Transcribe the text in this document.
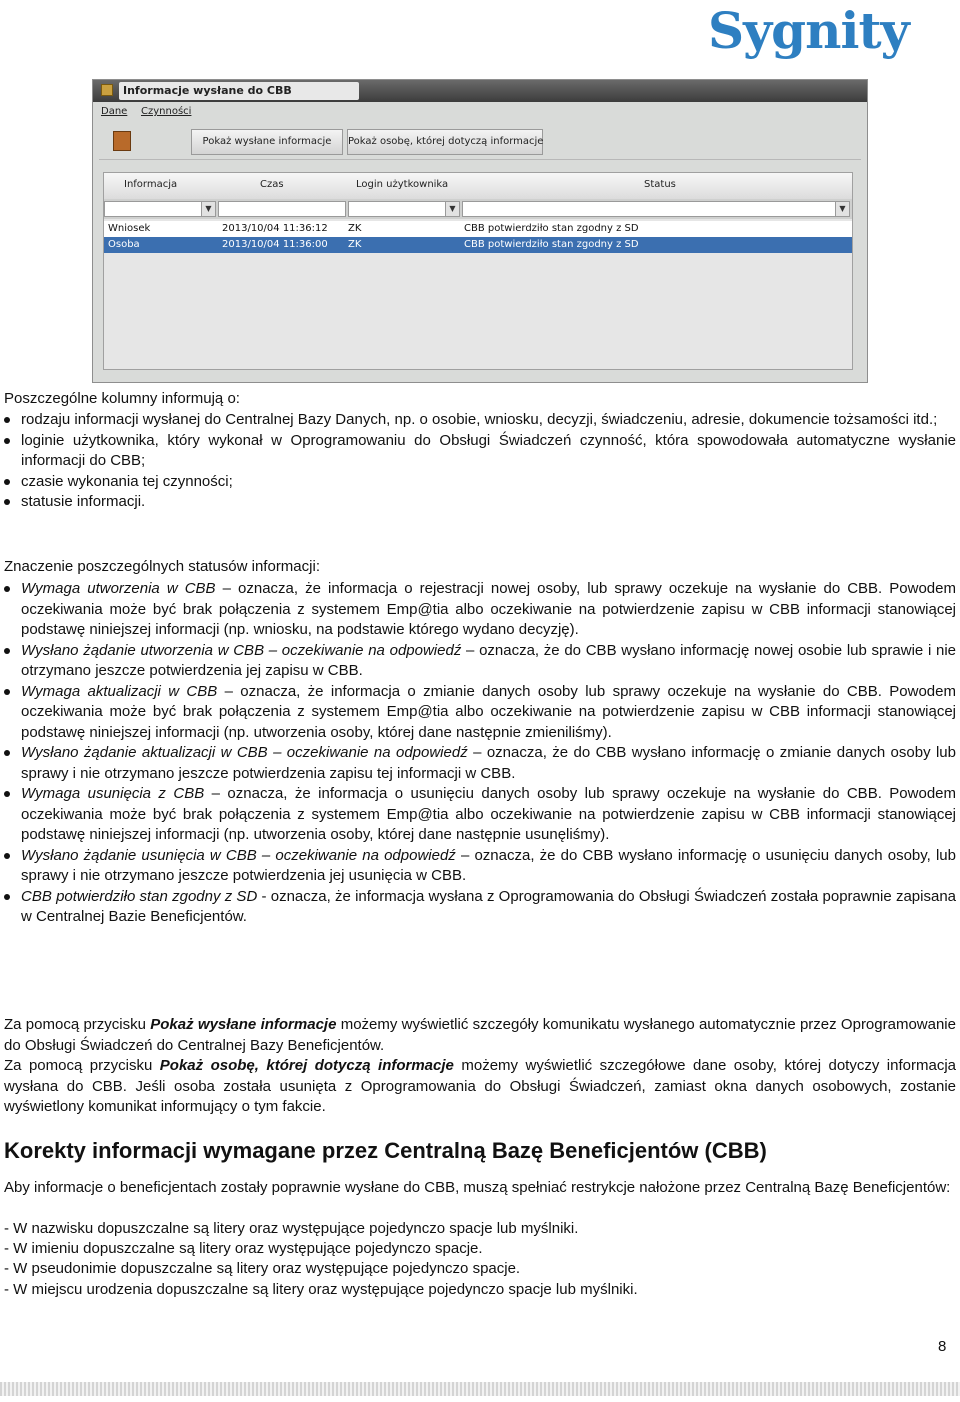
Sygnity
Informacje wysłane do CBB
Dane Czynności
Pokaż wysłane informacje	Pokaż osobę, której dotyczą informacje
Informacja	Czas	Login użytkownika	Status
▼	▼	▼
Wniosek	2013/10/04 11:36:12 ZK	CBB potwierdziło stan zgodny z SD
Osoba	2013/10/04 11:36:00 ZK	CBB potwierdziło stan zgodny z SD

Poszczególne kolumny informują o:

rodzaju informacji wysłanej do Centralnej Bazy Danych, np. o osobie, wniosku, decyzji, świadczeniu, adresie, dokumencie tożsamości itd.;
loginie użytkownika, który wykonał w Oprogramowaniu do Obsługi Świadczeń czynność, która spowodowała automatyczne wysłanie informacji do CBB;
czasie wykonania tej czynności;
statusie informacji.

Znaczenie poszczególnych statusów informacji:

Wymaga utworzenia w CBB – oznacza, że informacja o rejestracji nowej osoby, lub sprawy oczekuje na wysłanie do CBB. Powodem oczekiwania może być brak połączenia z systemem Emp@tia albo oczekiwanie na potwierdzenie zapisu w CBB informacji stanowiącej podstawę niniejszej informacji (np. wniosku, na podstawie którego wydano decyzję).
Wysłano żądanie utworzenia w CBB – oczekiwanie na odpowiedź – oznacza, że do CBB wysłano informację nowej osobie lub sprawie i nie otrzymano jeszcze potwierdzenia jej zapisu w CBB.
Wymaga aktualizacji w CBB – oznacza, że informacja o zmianie danych osoby lub sprawy oczekuje na wysłanie do CBB. Powodem oczekiwania może być brak połączenia z systemem Emp@tia albo oczekiwanie na potwierdzenie zapisu w CBB informacji stanowiącej podstawę niniejszej informacji (np. utworzenia osoby, której dane następnie zmieniliśmy).
Wysłano żądanie aktualizacji w CBB – oczekiwanie na odpowiedź – oznacza, że do CBB wysłano informację o zmianie danych osoby lub sprawy i nie otrzymano jeszcze potwierdzenia zapisu tej informacji w CBB.
Wymaga usunięcia z CBB – oznacza, że informacja o usunięciu danych osoby lub sprawy oczekuje na wysłanie do CBB. Powodem oczekiwania może być brak połączenia z systemem Emp@tia albo oczekiwanie na potwierdzenie zapisu w CBB informacji stanowiącej podstawę niniejszej informacji (np. utworzenia osoby, której dane następnie usunęliśmy).
Wysłano żądanie usunięcia w CBB – oczekiwanie na odpowiedź – oznacza, że do CBB wysłano informację o usunięciu danych osoby, lub sprawy i nie otrzymano jeszcze potwierdzenia jej usunięcia w CBB.
CBB potwierdziło stan zgodny z SD - oznacza, że informacja wysłana z Oprogramowania do Obsługi Świadczeń została poprawnie zapisana w Centralnej Bazie Beneficjentów.

Za pomocą przycisku Pokaż wysłane informacje możemy wyświetlić szczegóły komunikatu wysłanego automatycznie przez Oprogramowanie do Obsługi Świadczeń do Centralnej Bazy Beneficjentów.

Za pomocą przycisku Pokaż osobę, której dotyczą informacje możemy wyświetlić szczegółowe dane osoby, której dotyczy informacja wysłana do CBB. Jeśli osoba została usunięta z Oprogramowania do Obsługi Świadczeń, zamiast okna danych osobowych, zostanie wyświetlony komunikat informujący o tym fakcie.

Korekty informacji wymagane przez Centralną Bazę Beneficjentów (CBB)

Aby informacje o beneficjentach zostały poprawnie wysłane do CBB, muszą spełniać restrykcje nałożone przez Centralną Bazę Beneficjentów:

- W nazwisku dopuszczalne są litery oraz występujące pojedynczo spacje lub myślniki.

- W imieniu dopuszczalne są litery oraz występujące pojedynczo spacje.

- W pseudonimie dopuszczalne są litery oraz występujące pojedynczo spacje.

- W miejscu urodzenia dopuszczalne są litery oraz występujące pojedynczo spacje lub myślniki.

8
